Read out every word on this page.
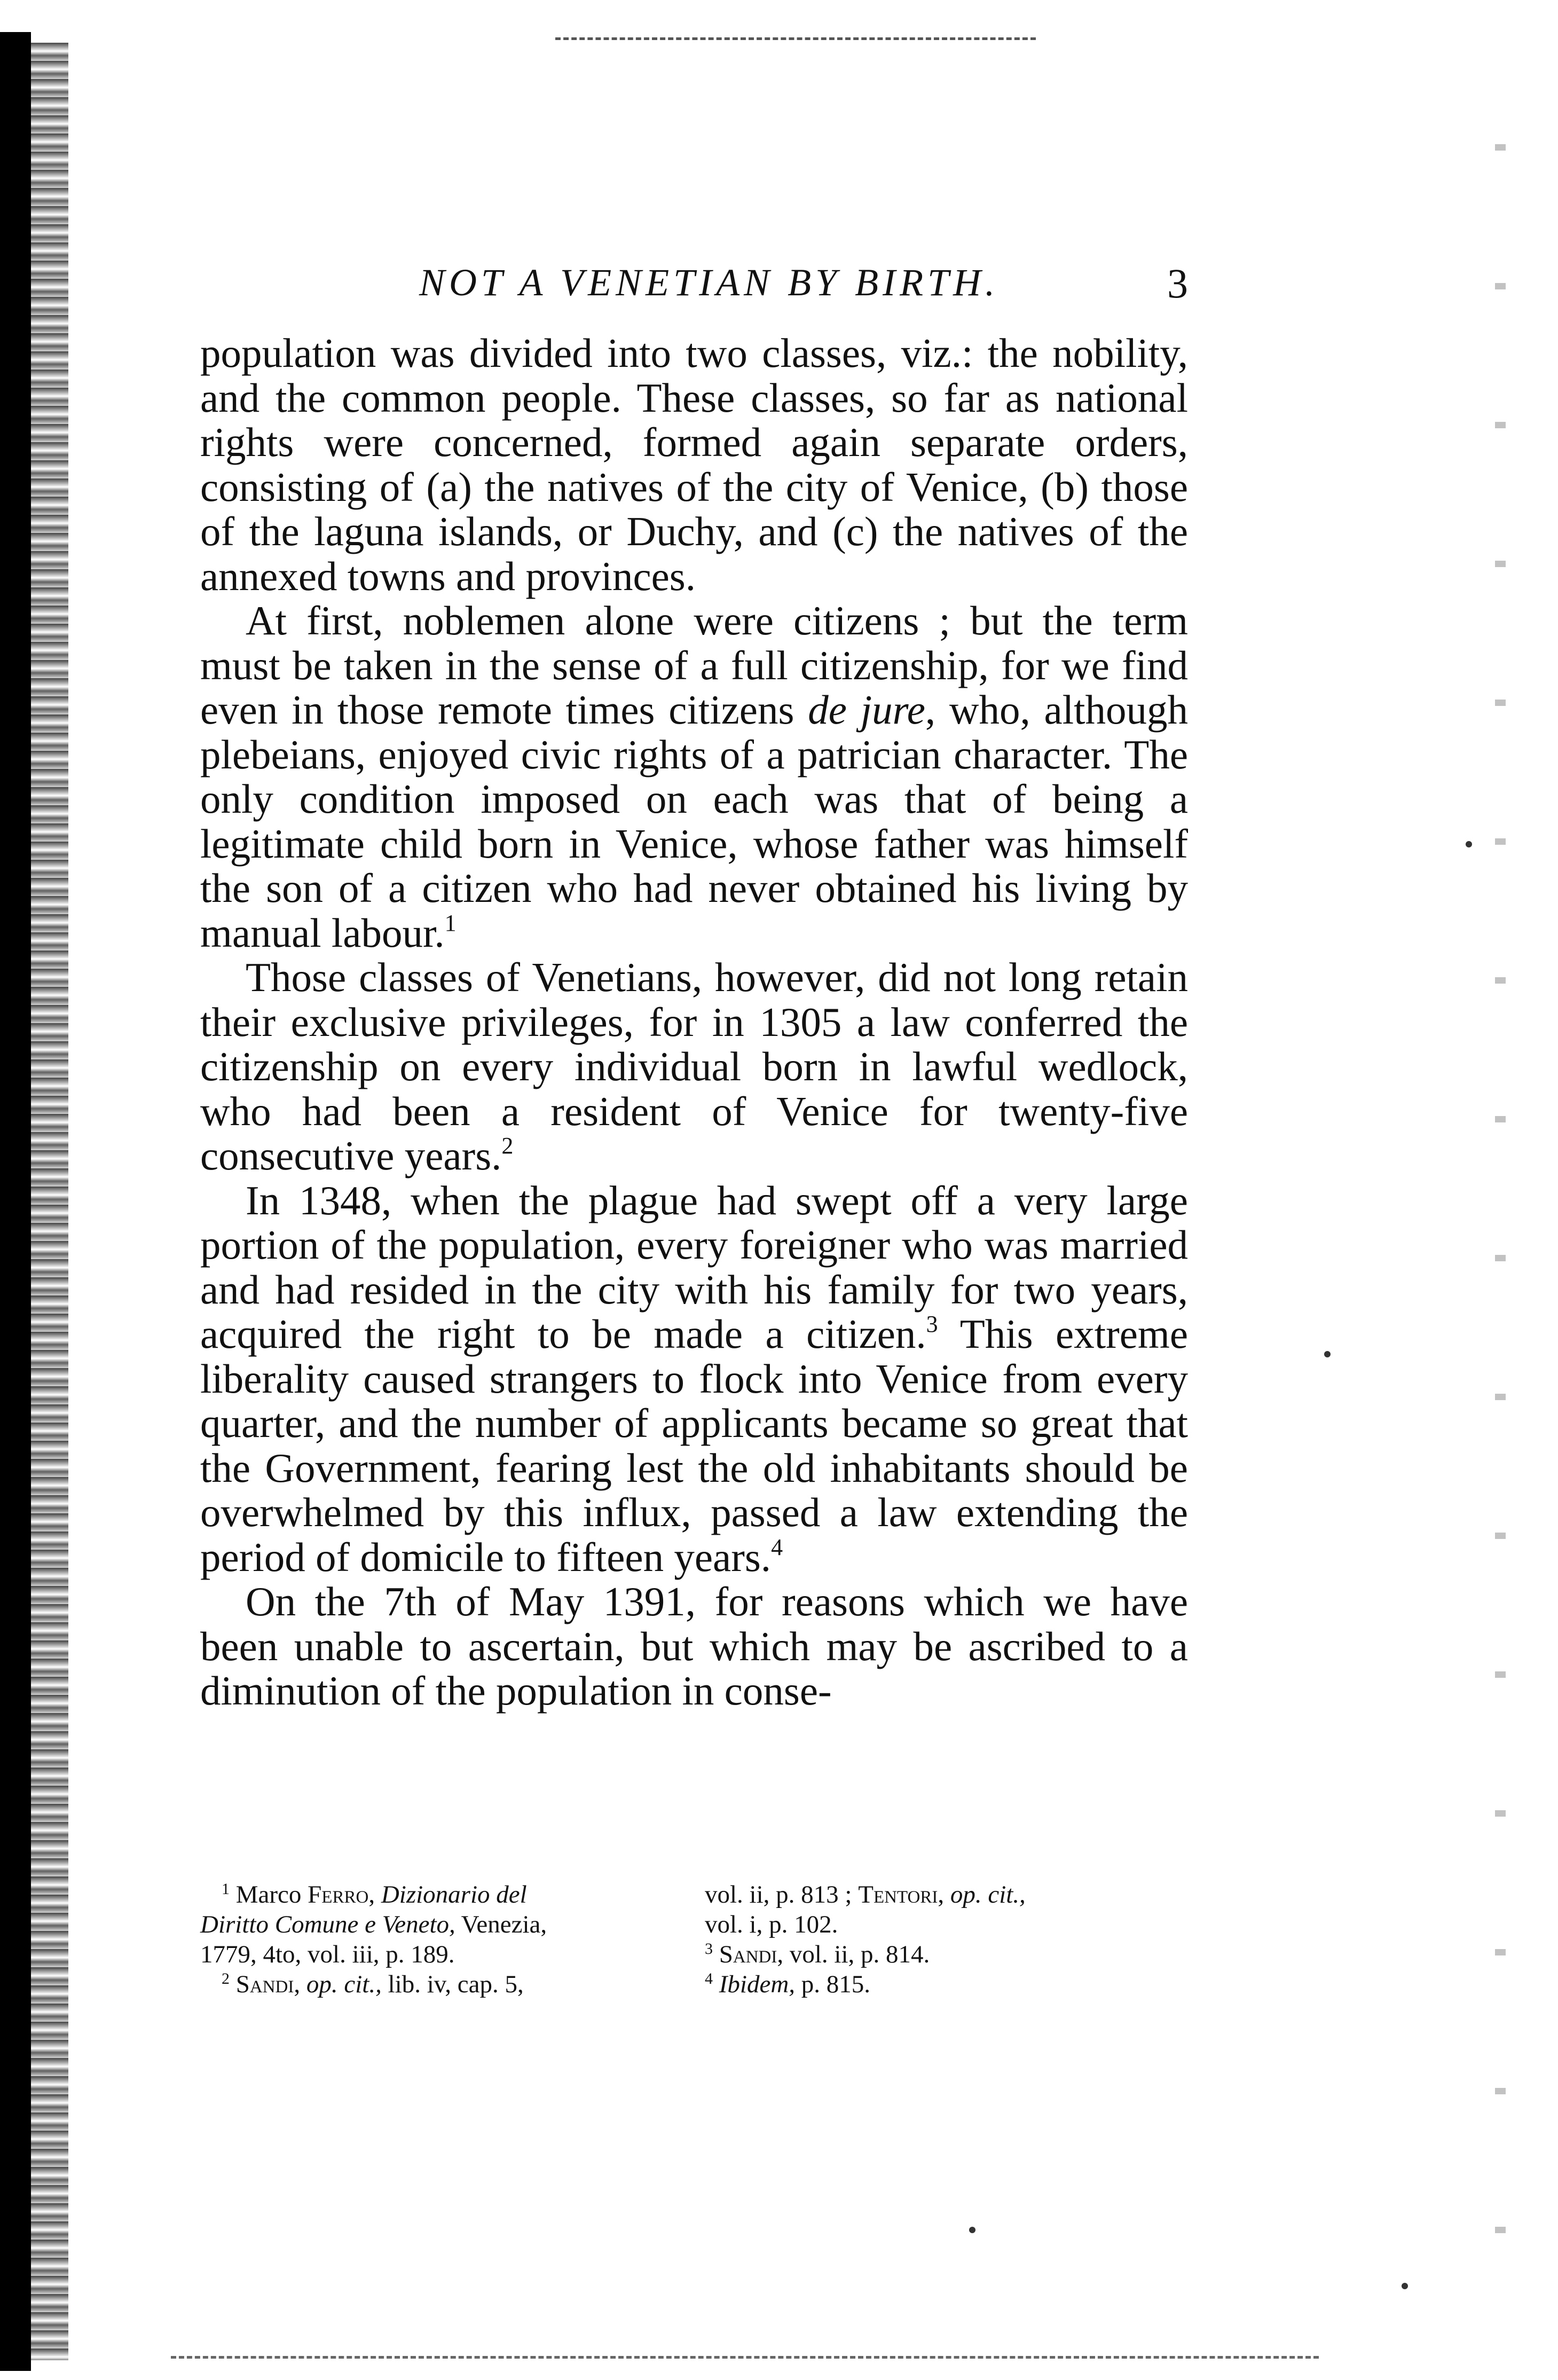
NOT A VENETIAN BY BIRTH.	3

population was divided into two classes, viz.: the nobility, and the common people. These classes, so far as national rights were concerned, formed again separate orders, consisting of (a) the natives of the city of Venice, (b) those of the laguna islands, or Duchy, and (c) the natives of the annexed towns and provinces.

At first, noblemen alone were citizens ; but the term must be taken in the sense of a full citizenship, for we find even in those remote times citizens de jure, who, although plebeians, enjoyed civic rights of a patrician character. The only condition imposed on each was that of being a legitimate child born in Venice, whose father was himself the son of a citizen who had never obtained his living by manual labour.$^1$

Those classes of Venetians, however, did not long retain their exclusive privileges, for in 1305 a law conferred the citizenship on every individual born in lawful wedlock, who had been a resident of Venice for twenty-five consecutive years.$^2$

In 1348, when the plague had swept off a very large portion of the population, every foreigner who was married and had resided in the city with his family for two years, acquired the right to be made a citizen.$^3$ This extreme liberality caused strangers to flock into Venice from every quarter, and the number of applicants became so great that the Government, fearing lest the old inhabitants should be overwhelmed by this influx, passed a law extending the period of domicile to fifteen years.$^4$

On the 7th of May 1391, for reasons which we have been unable to ascertain, but which may be ascribed to a diminution of the population in conse-

$^1$ Marco Ferro, Dizionario del
Diritto Comune e Veneto, Venezia,
1779, 4to, vol. iii, p. 189.
$^2$ Sandi, op. cit., lib. iv, cap. 5,
vol. ii, p. 813 ; Tentori, op. cit.,
vol. i, p. 102.
$^3$ Sandi, vol. ii, p. 814.
$^4$ Ibidem, p. 815.
